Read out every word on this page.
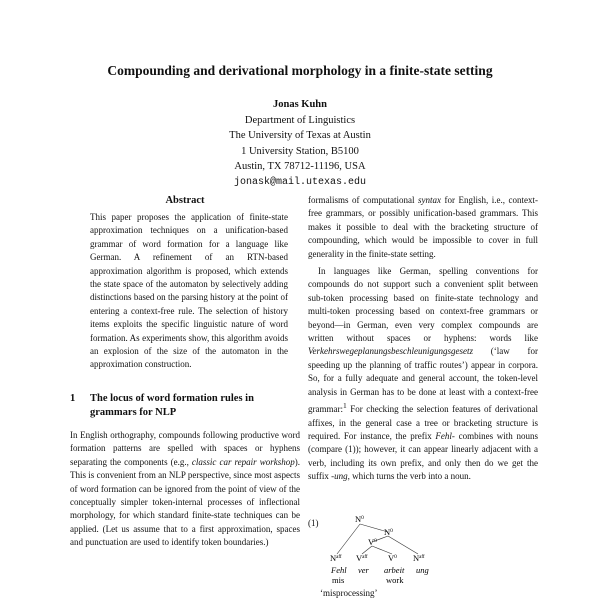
Compounding and derivational morphology in a finite-state setting
Jonas Kuhn
Department of Linguistics
The University of Texas at Austin
1 University Station, B5100
Austin, TX 78712-11196, USA
jonask@mail.utexas.edu
Abstract

This paper proposes the application of finite-state approximation techniques on a unification-based grammar of word formation for a language like German. A refinement of an RTN-based approximation algorithm is proposed, which extends the state space of the automaton by selectively adding distinctions based on the parsing history at the point of entering a context-free rule. The selection of history items exploits the specific linguistic nature of word formation. As experiments show, this algorithm avoids an explosion of the size of the automaton in the approximation construction.

1	The locus of word formation rules in grammars for NLP

In English orthography, compounds following productive word formation patterns are spelled with spaces or hyphens separating the components (e.g., classic car repair workshop). This is convenient from an NLP perspective, since most aspects of word formation can be ignored from the point of view of the conceptually simpler token-internal processes of inflectional morphology, for which standard finite-state techniques can be applied. (Let us assume that to a first approximation, spaces and punctuation are used to identify token boundaries.)

formalisms of computational syntax for English, i.e., context-free grammars, or possibly unification-based grammars. This makes it possible to deal with the bracketing structure of compounding, which would be impossible to cover in full generality in the finite-state setting.

In languages like German, spelling conventions for compounds do not support such a convenient split between sub-token processing based on finite-state technology and multi-token processing based on context-free grammars or beyond—in German, even very complex compounds are written without spaces or hyphens: words like Verkehrswegeplanungsbeschleunigungsgesetz (‘law for speeding up the planning of traffic routes’) appear in corpora. So, for a fully adequate and general account, the token-level analysis in German has to be done at least with a context-free grammar:$^1$ For checking the selection features of derivational affixes, in the general case a tree or bracketing structure is required. For instance, the prefix Fehl- combines with nouns (compare (1)); however, it can appear linearly adjacent with a verb, including its own prefix, and only then do we get the suffix -ung, which turns the verb into a noun.

(1)	$N^0$
$N^0$
$V^0$
$N^{aff}$ $V^{aff}$ $V^0$ $N^{aff}$
Fehl ver arbeit ung
mis	work
‘misprocessing’
